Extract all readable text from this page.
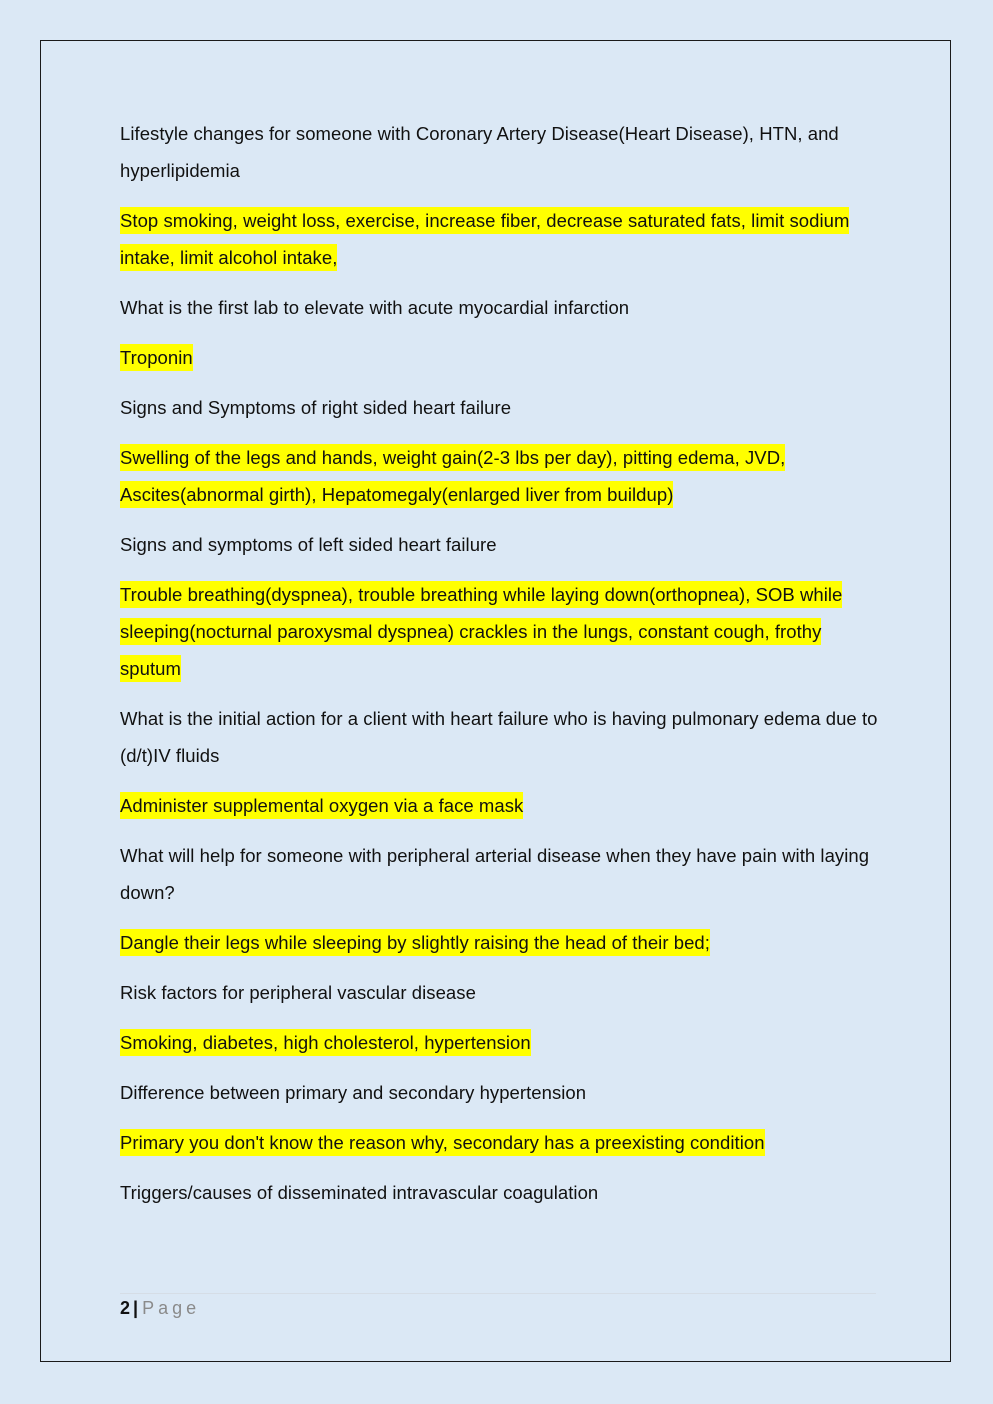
Lifestyle changes for someone with Coronary Artery Disease(Heart Disease), HTN, and hyperlipidemia

Stop smoking, weight loss, exercise, increase fiber, decrease saturated fats, limit sodium intake, limit alcohol intake,

What is the first lab to elevate with acute myocardial infarction

Troponin

Signs and Symptoms of right sided heart failure

Swelling of the legs and hands, weight gain(2-3 lbs per day), pitting edema, JVD, Ascites(abnormal girth), Hepatomegaly(enlarged liver from buildup)

Signs and symptoms of left sided heart failure

Trouble breathing(dyspnea), trouble breathing while laying down(orthopnea), SOB while sleeping(nocturnal paroxysmal dyspnea) crackles in the lungs, constant cough, frothy sputum

What is the initial action for a client with heart failure who is having pulmonary edema due to (d/t)IV fluids

Administer supplemental oxygen via a face mask

What will help for someone with peripheral arterial disease when they have pain with laying down?

Dangle their legs while sleeping by slightly raising the head of their bed;

Risk factors for peripheral vascular disease

Smoking, diabetes, high cholesterol, hypertension

Difference between primary and secondary hypertension

Primary you don't know the reason why, secondary has a preexisting condition

Triggers/causes of disseminated intravascular coagulation

2 | Page
